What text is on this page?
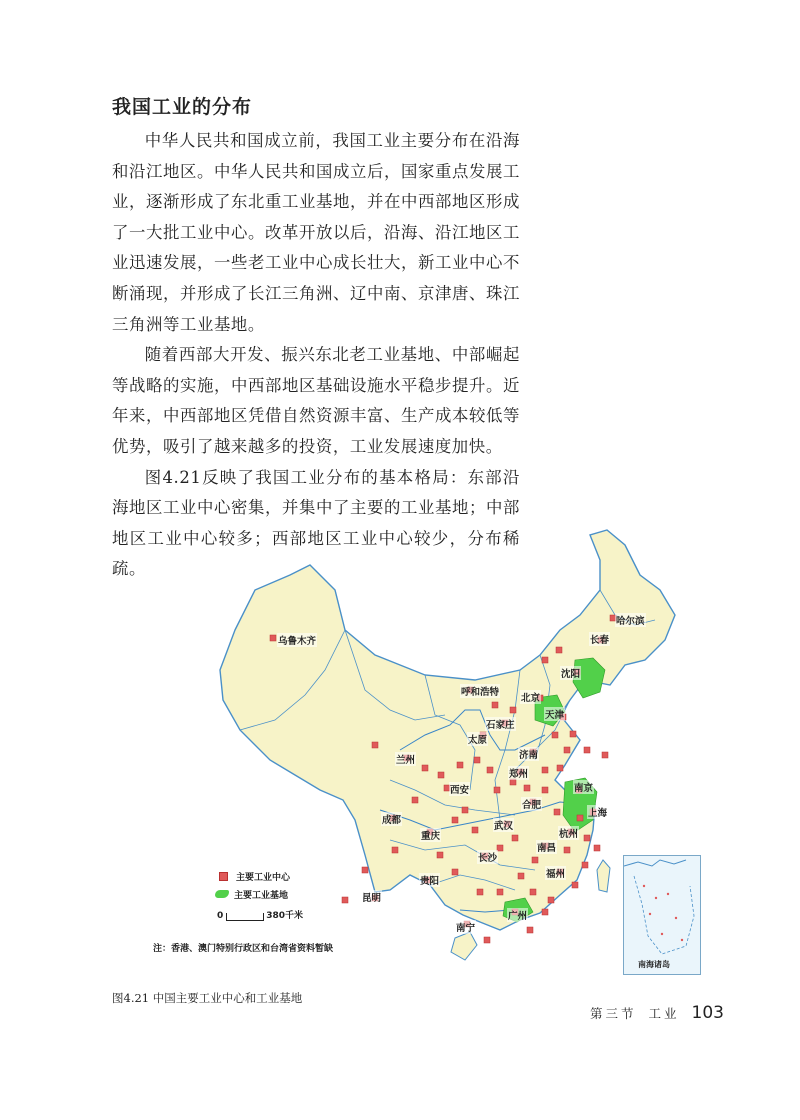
我国工业的分布

中华人民共和国成立前，我国工业主要分布在沿海和沿江地区。中华人民共和国成立后，国家重点发展工业，逐渐形成了东北重工业基地，并在中西部地区形成了一大批工业中心。改革开放以后，沿海、沿江地区工业迅速发展，一些老工业中心成长壮大，新工业中心不断涌现，并形成了长江三角洲、辽中南、京津唐、珠江三角洲等工业基地。

随着西部大开发、振兴东北老工业基地、中部崛起等战略的实施，中西部地区基础设施水平稳步提升。近年来，中西部地区凭借自然资源丰富、生产成本较低等优势，吸引了越来越多的投资，工业发展速度加快。

图4.21反映了我国工业分布的基本格局：东部沿海地区工业中心密集，并集中了主要的工业基地；中部地区工业中心较多；西部地区工业中心较少，分布稀疏。

哈尔滨
长春
乌鲁木齐
沈阳
呼和浩特
北京
天津
石家庄
太原
济南
兰州
郑州
西安	南京
合肥
上海
成都
武汉
重庆	杭州
南昌
长沙
福州
贵阳
昆明
广州
南宁
主要工业中心
主要工业基地
0	380千米
注：香港、澳门特别行政区和台湾省资料暂缺
南海诸岛
图4.21 中国主要工业中心和工业基地
第三节 工业 103
